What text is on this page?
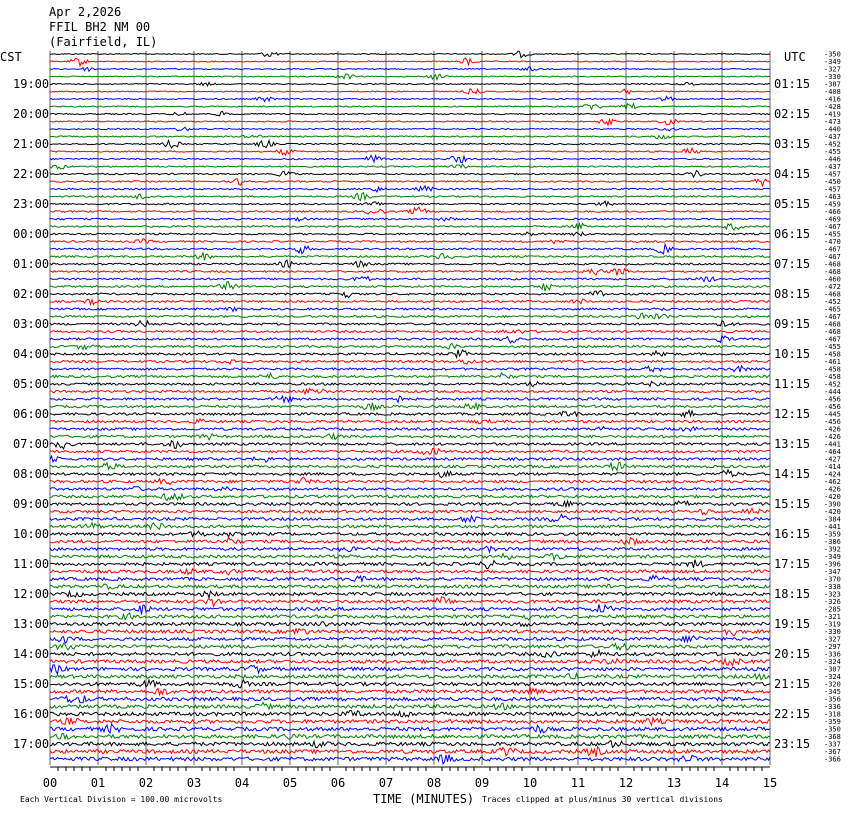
19:00
20:00
21:00
22:00
23:00
00:00
01:00
02:00
03:00
04:00
05:00
06:00
07:00
08:00
09:00
10:00
11:00
12:00
13:00
14:00
15:00
16:00
17:00
01:15
02:15
03:15
04:15
05:15
06:15
07:15
08:15
09:15
10:15
11:15
12:15
13:15
14:15
15:15
16:15
17:15
18:15
19:15
20:15
21:15
22:15
23:15
-350
-349
-327
-330
-387
-408
-416
-428
-419
-473
-440
-437
-452
-455
-446
-437
-457
-450
-457
-463
-459
-466
-469
-467
-455
-470
-467
-467
-468
-468
-460
-472
-468
-452
-465
-467
-468
-468
-467
-455
-458
-461
-458
-458
-452
-444
-456
-456
-445
-456
-426
-426
-441
-464
-427
-414
-424
-462
-426
-420
-390
-420
-384
-441
-359
-386
-392
-349
-396
-347
-370
-338
-323
-326
-285
-321
-319
-330
-327
-297
-336
-324
-307
-324
-320
-345
-356
-336
-318
-359
-350
-368
-337
-367
-366
00	01	02	03	04	05	06	07	08	09	10	11	12	13	14	15
Apr 2,2026
FFIL BH2 NM 00
(Fairfield, IL)
CST	UTC
Each Vertical Division = 100.00 microvolts	TIME (MINUTES) Traces clipped at plus/minus 30 vertical divisions
